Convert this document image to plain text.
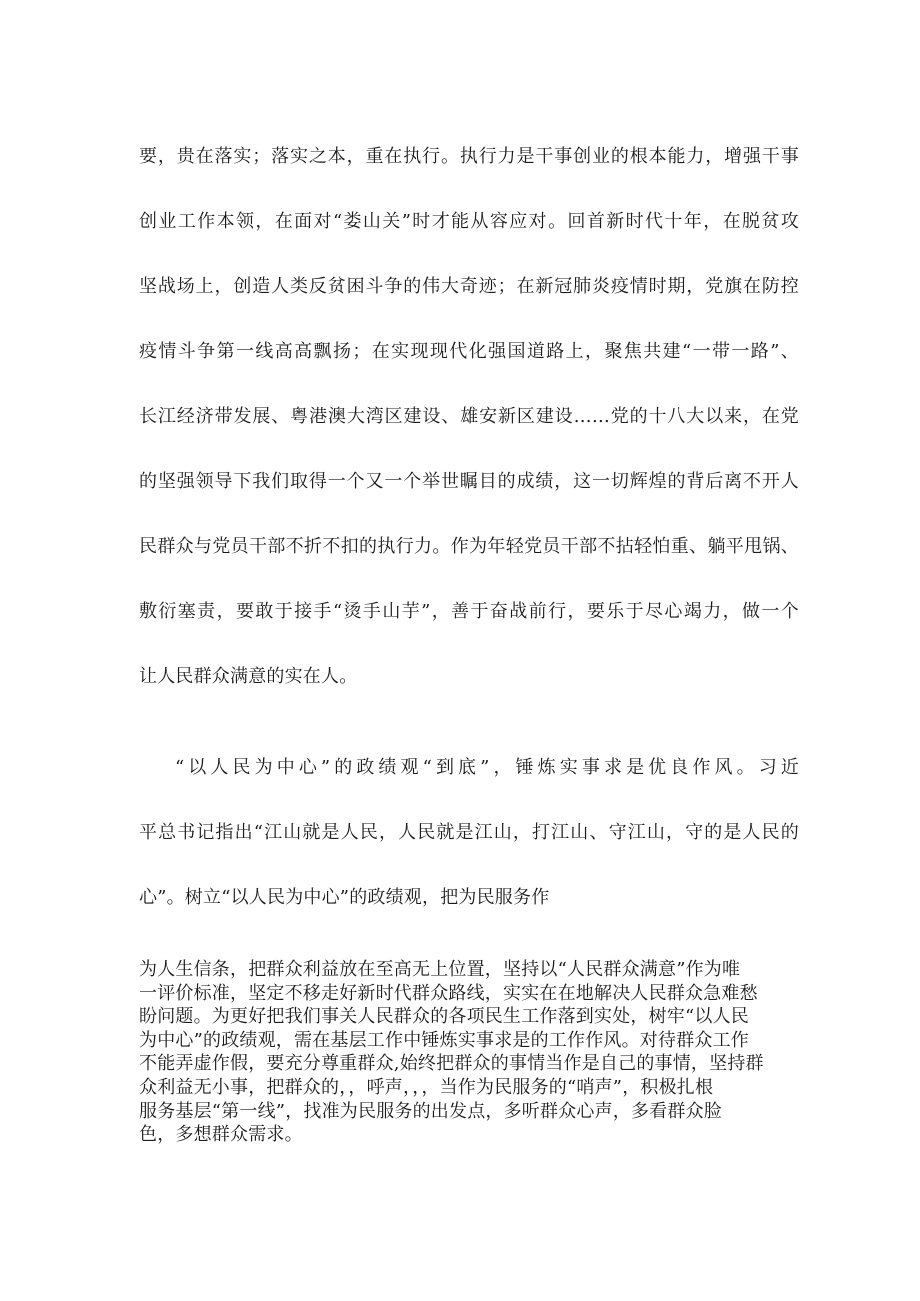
要，贵在落实；落实之本，重在执行。执行力是干事创业的根本能力，增强干事
创业工作本领，在面对“娄山关”时才能从容应对。回首新时代十年，在脱贫攻
坚战场上，创造人类反贫困斗争的伟大奇迹；在新冠肺炎疫情时期，党旗在防控
疫情斗争第一线高高飘扬；在实现现代化强国道路上，聚焦共建“一带一路”、
长江经济带发展、粤港澳大湾区建设、雄安新区建设……党的十八大以来，在党
的坚强领导下我们取得一个又一个举世瞩目的成绩，这一切辉煌的背后离不开人
民群众与党员干部不折不扣的执行力。作为年轻党员干部不拈轻怕重、躺平甩锅、
敷衍塞责，要敢于接手“烫手山芋”，善于奋战前行，要乐于尽心竭力，做一个
让人民群众满意的实在人。
“以人民为中心”的政绩观“到底”，锤炼实事求是优良作风。习近
平总书记指出“江山就是人民，人民就是江山，打江山、守江山，守的是人民的
心”。树立“以人民为中心”的政绩观，把为民服务作
为人生信条，把群众利益放在至高无上位置，坚持以“人民群众满意”作为唯
一评价标准，坚定不移走好新时代群众路线，实实在在地解决人民群众急难愁
盼问题。为更好把我们事关人民群众的各项民生工作落到实处，树牢“以人民
为中心”的政绩观，需在基层工作中锤炼实事求是的工作作风。对待群众工作
不能弄虚作假，要充分尊重群众,始终把群众的事情当作是自己的事情，坚持群
众利益无小事，把群众的，，呼声，，，当作为民服务的“哨声”，积极扎根
服务基层“第一线”，找准为民服务的出发点，多听群众心声，多看群众脸
色，多想群众需求。
